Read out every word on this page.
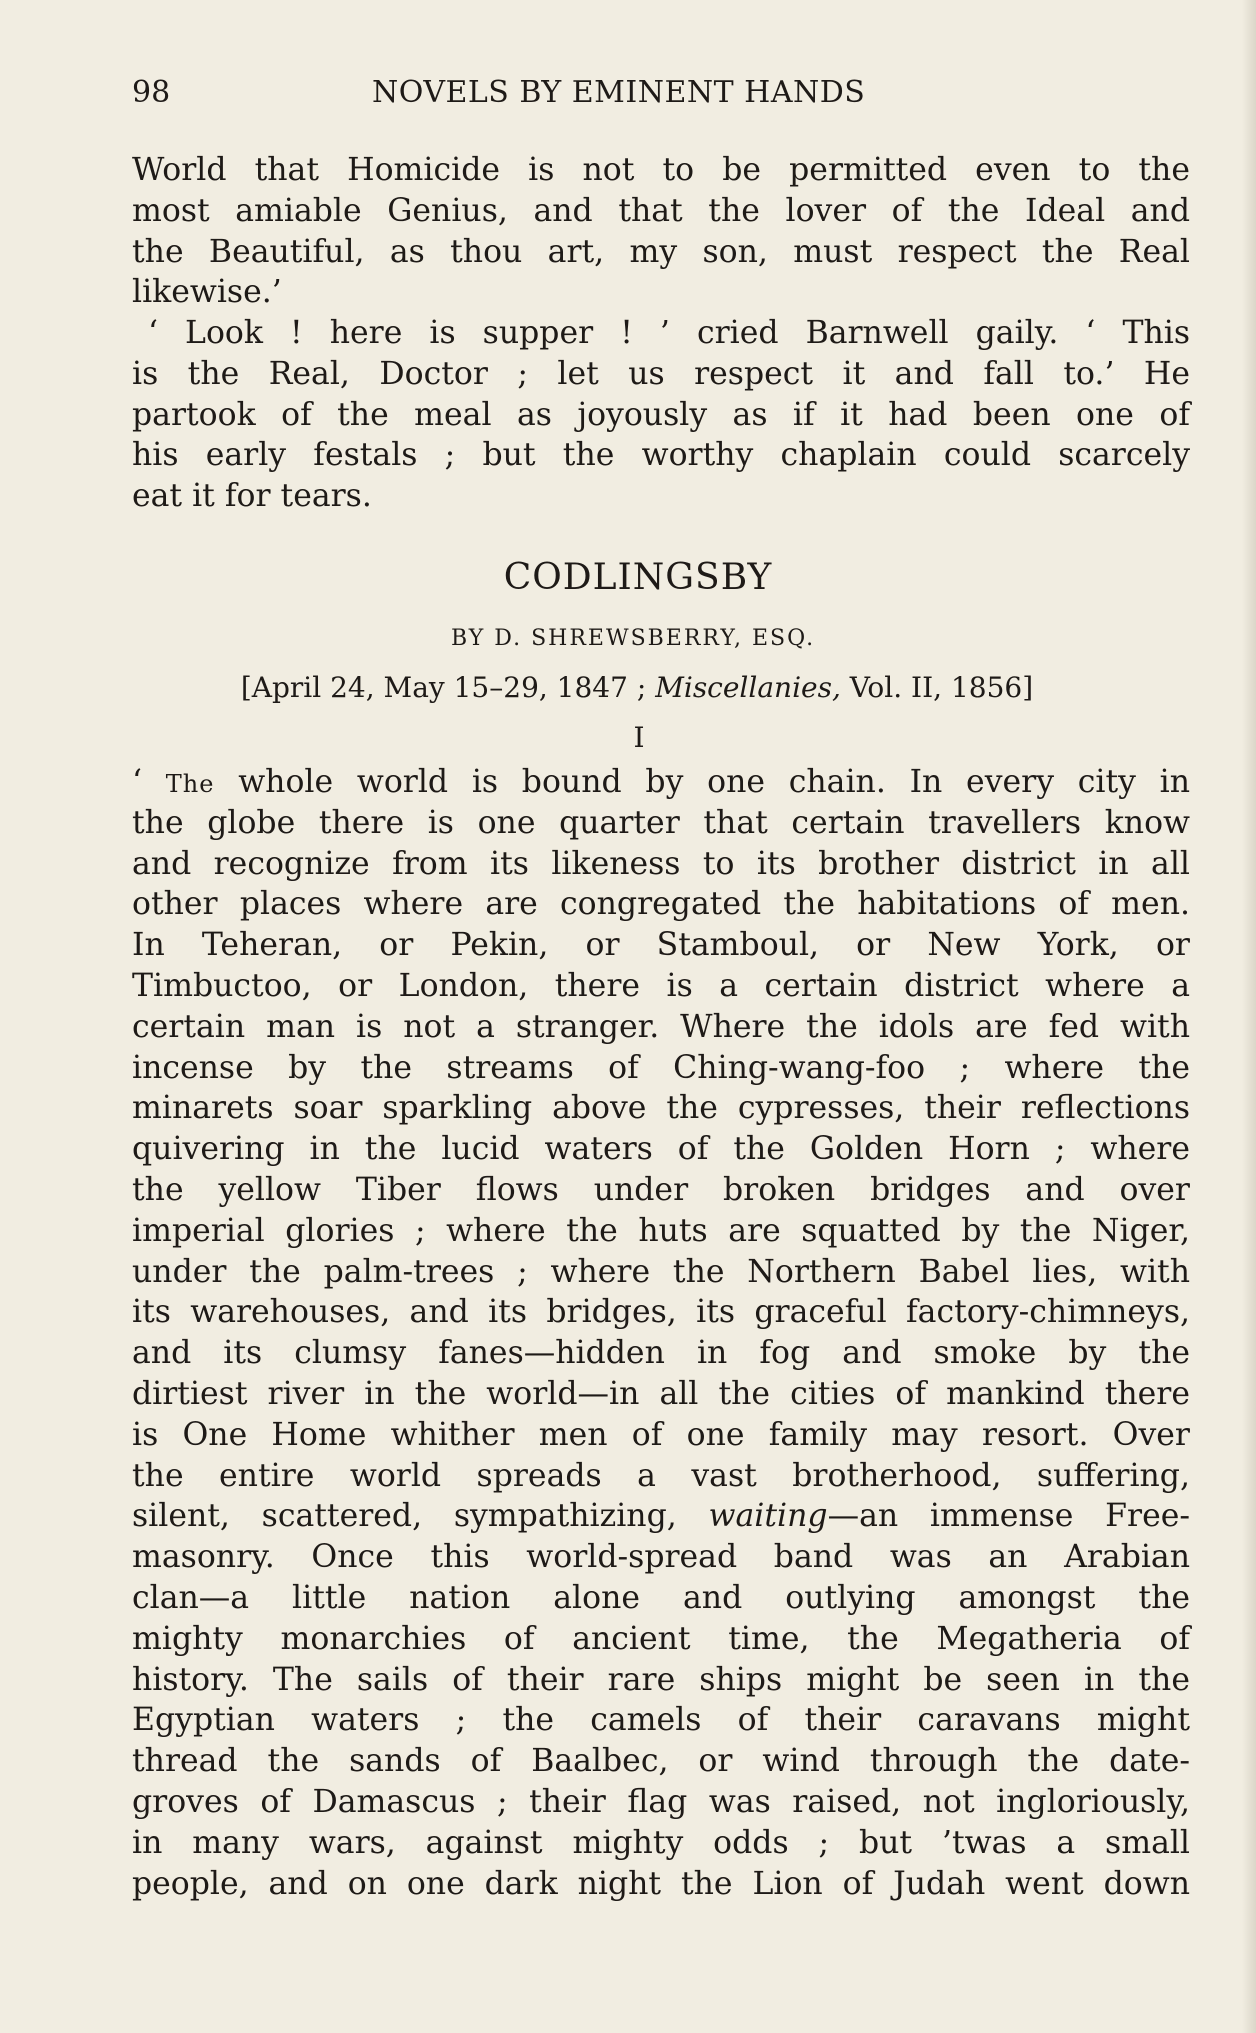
98	NOVELS BY EMINENT HANDS
World that Homicide is not to be permitted even to the
most amiable Genius, and that the lover of the Ideal and
the Beautiful, as thou art, my son, must respect the Real
likewise.’
‘ Look ! here is supper ! ’ cried Barnwell gaily. ‘ This
is the Real, Doctor ; let us respect it and fall to.’ He
partook of the meal as joyously as if it had been one of
his early festals ; but the worthy chaplain could scarcely
eat it for tears.
CODLINGSBY
BY D. SHREWSBERRY, ESQ.
[April 24, May 15–29, 1847 ; Miscellanies, Vol. II, 1856]
I
‘ The whole world is bound by one chain. In every city in
the globe there is one quarter that certain travellers know
and recognize from its likeness to its brother district in all
other places where are congregated the habitations of men.
In Teheran, or Pekin, or Stamboul, or New York, or
Timbuctoo, or London, there is a certain district where a
certain man is not a stranger. Where the idols are fed with
incense by the streams of Ching-wang-foo ; where the
minarets soar sparkling above the cypresses, their reflections
quivering in the lucid waters of the Golden Horn ; where
the yellow Tiber flows under broken bridges and over
imperial glories ; where the huts are squatted by the Niger,
under the palm-trees ; where the Northern Babel lies, with
its warehouses, and its bridges, its graceful factory-chimneys,
and its clumsy fanes—hidden in fog and smoke by the
dirtiest river in the world—in all the cities of mankind there
is One Home whither men of one family may resort. Over
the entire world spreads a vast brotherhood, suffering,
silent, scattered, sympathizing, waiting—an immense Free-
masonry. Once this world-spread band was an Arabian
clan—a little nation alone and outlying amongst the
mighty monarchies of ancient time, the Megatheria of
history. The sails of their rare ships might be seen in the
Egyptian waters ; the camels of their caravans might
thread the sands of Baalbec, or wind through the date-
groves of Damascus ; their flag was raised, not ingloriously,
in many wars, against mighty odds ; but ’twas a small
people, and on one dark night the Lion of Judah went down
